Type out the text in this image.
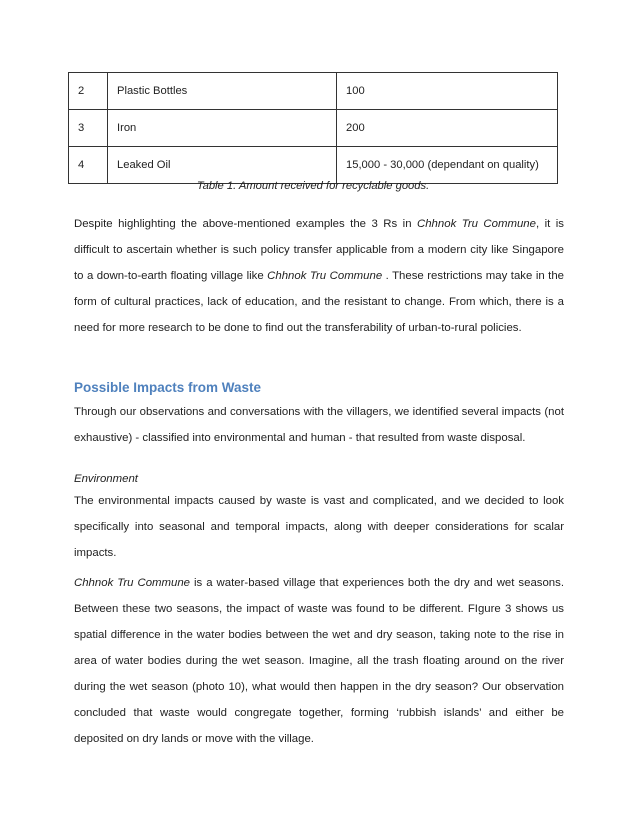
2	Plastic Bottles	100
3	Iron	200
4	Leaked Oil	15,000 - 30,000 (dependant on quality)
Table 1. Amount received for recyclable goods.

Despite highlighting the above-mentioned examples the 3 Rs in Chhnok Tru Commune, it is difficult to ascertain whether is such policy transfer applicable from a modern city like Singapore to a down-to-earth floating village like Chhnok Tru Commune . These restrictions may take in the form of cultural practices, lack of education, and the resistant to change. From which, there is a need for more research to be done to find out the transferability of urban-to-rural policies.

Possible Impacts from Waste

Through our observations and conversations with the villagers, we identified several impacts (not exhaustive) - classified into environmental and human - that resulted from waste disposal.

Environment

The environmental impacts caused by waste is vast and complicated, and we decided to look specifically into seasonal and temporal impacts, along with deeper considerations for scalar impacts.

Chhnok Tru Commune is a water-based village that experiences both the dry and wet seasons. Between these two seasons, the impact of waste was found to be different. FIgure 3 shows us spatial difference in the water bodies between the wet and dry season, taking note to the rise in area of water bodies during the wet season. Imagine, all the trash floating around on the river during the wet season (photo 10), what would then happen in the dry season? Our observation concluded that waste would congregate together, forming ‘rubbish islands’ and either be deposited on dry lands or move with the village.
